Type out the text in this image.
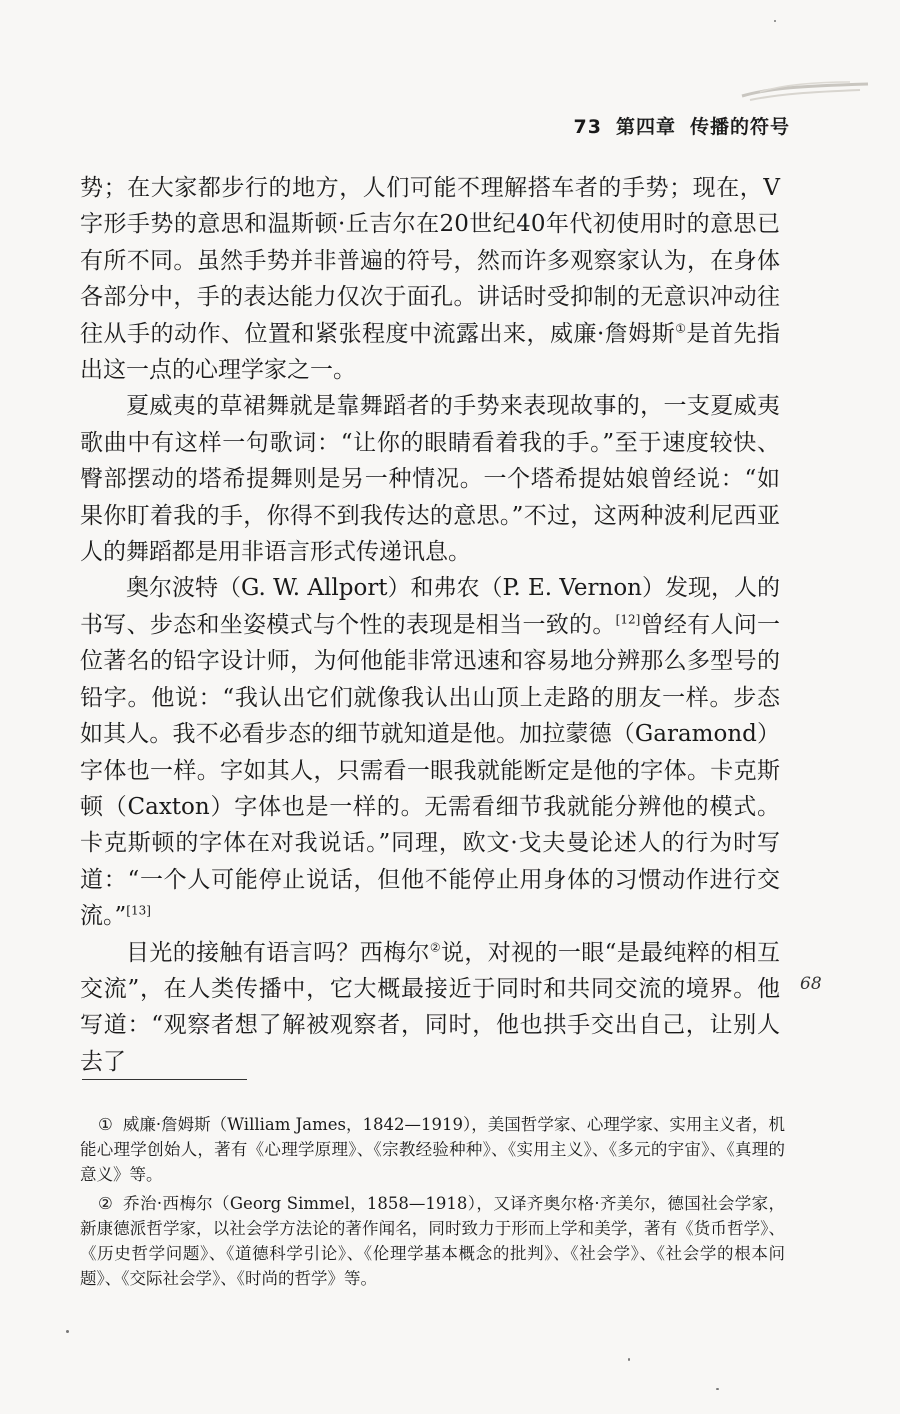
73 第四章 传播的符号

势；在大家都步行的地方，人们可能不理解搭车者的手势；现在，V字形手势的意思和温斯顿·丘吉尔在20世纪40年代初使用时的意思已有所不同。虽然手势并非普遍的符号，然而许多观察家认为，在身体各部分中，手的表达能力仅次于面孔。讲话时受抑制的无意识冲动往往从手的动作、位置和紧张程度中流露出来，威廉·詹姆斯①是首先指出这一点的心理学家之一。

夏威夷的草裙舞就是靠舞蹈者的手势来表现故事的，一支夏威夷歌曲中有这样一句歌词：“让你的眼睛看着我的手。”至于速度较快、臀部摆动的塔希提舞则是另一种情况。一个塔希提姑娘曾经说：“如果你盯着我的手，你得不到我传达的意思。”不过，这两种波利尼西亚人的舞蹈都是用非语言形式传递讯息。

奥尔波特（G. W. Allport）和弗农（P. E. Vernon）发现，人的书写、步态和坐姿模式与个性的表现是相当一致的。[12]曾经有人问一位著名的铅字设计师，为何他能非常迅速和容易地分辨那么多型号的铅字。他说：“我认出它们就像我认出山顶上走路的朋友一样。步态如其人。我不必看步态的细节就知道是他。加拉蒙德（Garamond）字体也一样。字如其人，只需看一眼我就能断定是他的字体。卡克斯顿（Caxton）字体也是一样的。无需看细节我就能分辨他的模式。卡克斯顿的字体在对我说话。”同理，欧文·戈夫曼论述人的行为时写道：“一个人可能停止说话，但他不能停止用身体的习惯动作进行交流。”[13]

目光的接触有语言吗？西梅尔②说，对视的一眼“是最纯粹的相互交流”，在人类传播中，它大概最接近于同时和共同交流的境界。他写道：“观察者想了解被观察者，同时，他也拱手交出自己，让别人去了

68

① 威廉·詹姆斯（William James，1842—1919），美国哲学家、心理学家、实用主义者，机能心理学创始人，著有《心理学原理》、《宗教经验种种》、《实用主义》、《多元的宇宙》、《真理的意义》等。

② 乔治·西梅尔（Georg Simmel，1858—1918），又译齐奥尔格·齐美尔，德国社会学家，新康德派哲学家，以社会学方法论的著作闻名，同时致力于形而上学和美学，著有《货币哲学》、《历史哲学问题》、《道德科学引论》、《伦理学基本概念的批判》、《社会学》、《社会学的根本问题》、《交际社会学》、《时尚的哲学》等。
